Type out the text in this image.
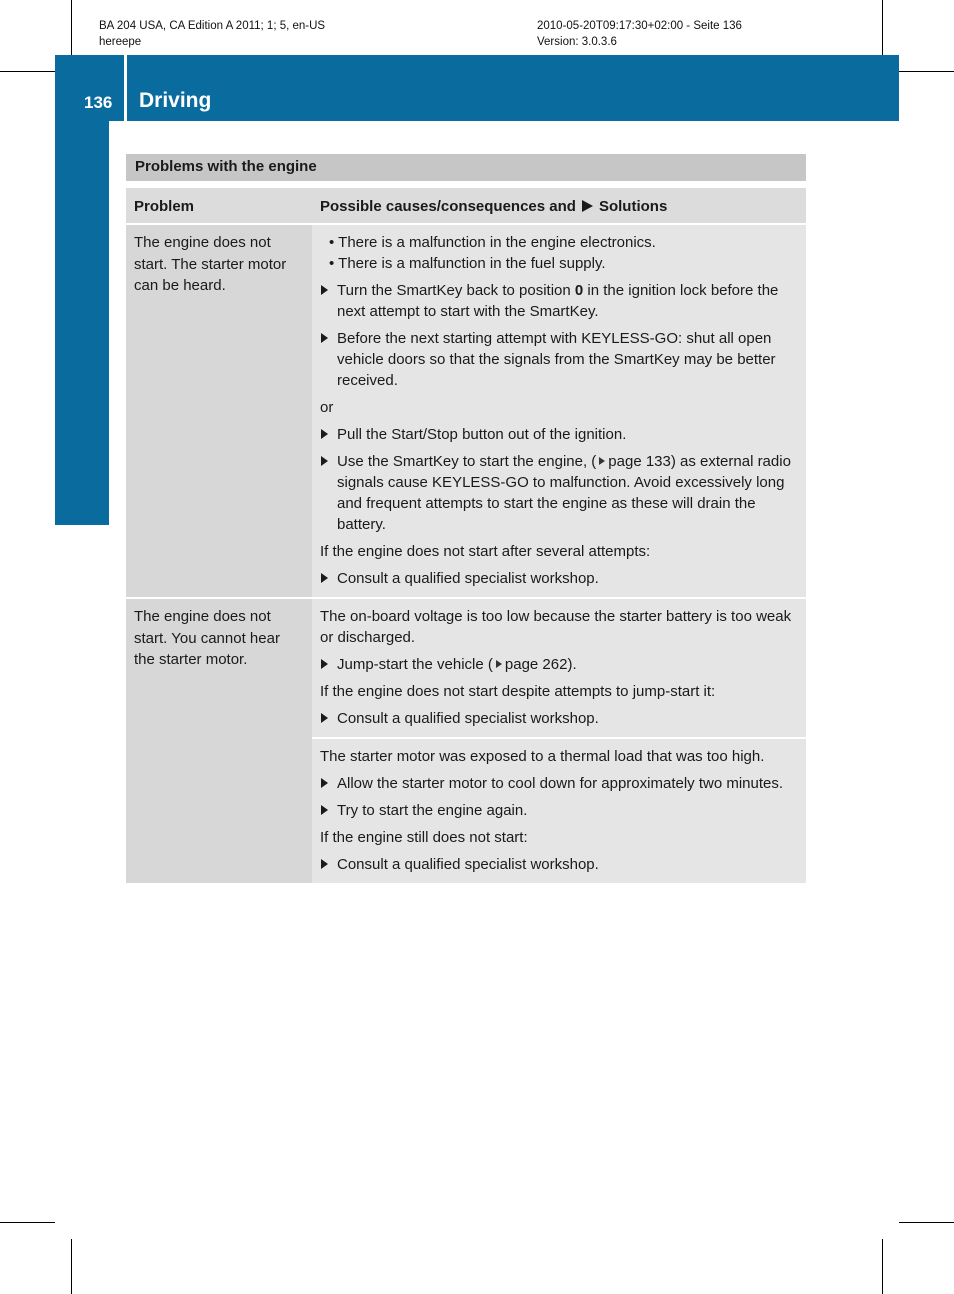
BA 204 USA, CA Edition A 2011; 1; 5, en-US
hereepe
2010-05-20T09:17:30+02:00 - Seite 136
Version: 3.0.3.6
136 Driving
Driving and parking
Problems with the engine
Problem	Possible causes/consequences and Solutions
The engine does not start. The starter motor can be heard.
• There is a malfunction in the engine electronics.
• There is a malfunction in the fuel supply.
Turn the SmartKey back to position 0 in the ignition lock before the next attempt to start with the SmartKey.
Before the next starting attempt with KEYLESS-GO: shut all open vehicle doors so that the signals from the SmartKey may be better received.
or
Pull the Start/Stop button out of the ignition.
Use the SmartKey to start the engine, ( page 133) as external radio signals cause KEYLESS-GO to malfunction. Avoid excessively long and frequent attempts to start the engine as these will drain the battery.
If the engine does not start after several attempts:
Consult a qualified specialist workshop.
The engine does not start. You cannot hear the starter motor.
The on-board voltage is too low because the starter battery is too weak or discharged.
Jump-start the vehicle ( page 262).
If the engine does not start despite attempts to jump-start it:
Consult a qualified specialist workshop.
The starter motor was exposed to a thermal load that was too high.
Allow the starter motor to cool down for approximately two minutes.
Try to start the engine again.
If the engine still does not start:
Consult a qualified specialist workshop.
